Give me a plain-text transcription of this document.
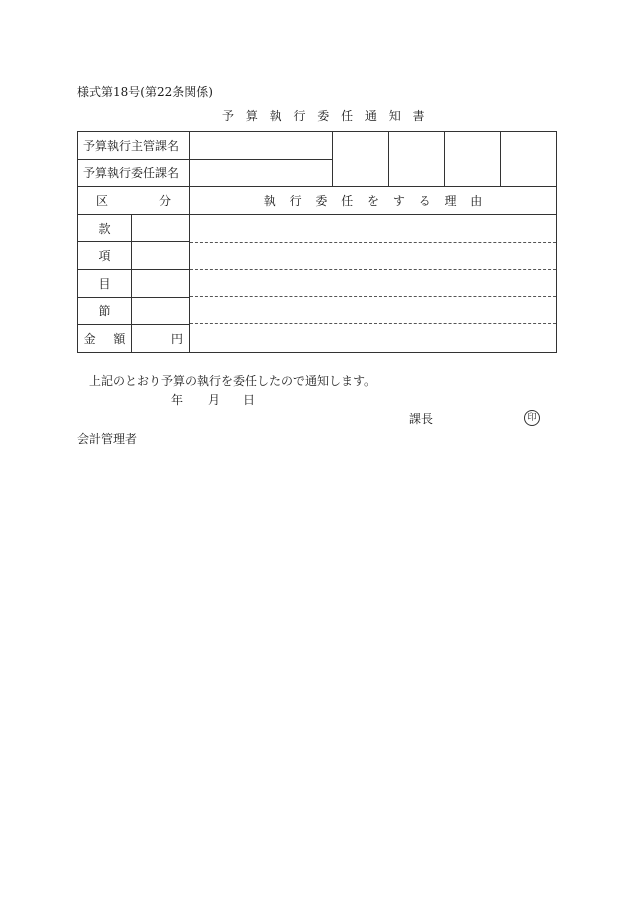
様式第18号(第22条関係)
予 算 執 行 委 任 通 知 書
予算執行主管課名						
予算執行委任課名						

区 分		執 行 委 任 を す る 理 由				
款						

項						
目						
節						
金 額	円					
上記のとおり予算の執行を委任したので通知します。
年 月 日
課長	印
会計管理者
